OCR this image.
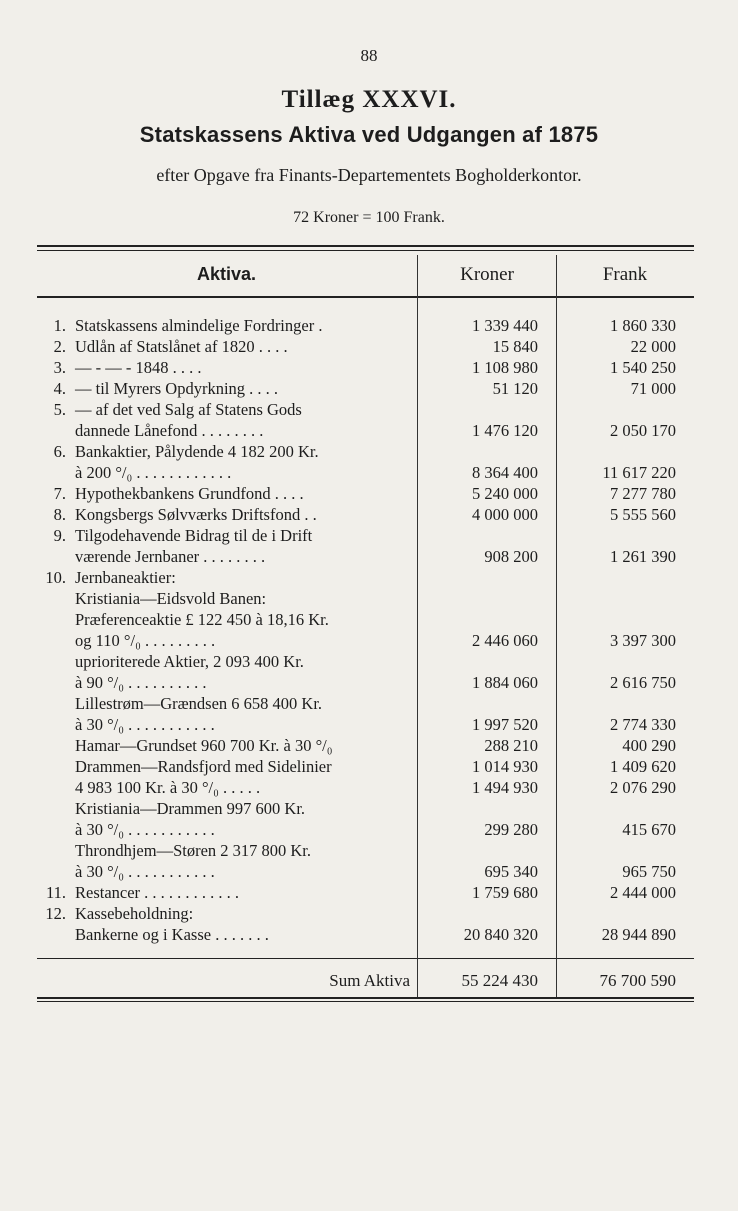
88
Tillæg XXXVI.
Statskassens Aktiva ved Udgangen af 1875
efter Opgave fra Finants-Departementets Bogholderkontor.
72 Kroner = 100 Frank.
Aktiva.	Kroner	Frank
1. Statskassens almindelige Fordringer .	1 339 440	1 860 330
2. Udlån af Statslånet af 1820 . . . .	15 840	22 000
3. — - — - 1848 . . . .	1 108 980	1 540 250
4. — til Myrers Opdyrkning . . . .	51 120	71 000
5. — af det ved Salg af Statens Gods
dannede Lånefond . . . . . . . .	1 476 120	2 050 170
6. Bankaktier, Pålydende 4 182 200 Kr.
à 200 °/₀ . . . . . . . . . . . .	8 364 400	11 617 220
7. Hypothekbankens Grundfond . . . .	5 240 000	7 277 780
8. Kongsbergs Sølvværks Driftsfond . .	4 000 000	5 555 560
9. Tilgodehavende Bidrag til de i Drift
værende Jernbaner . . . . . . . .	908 200	1 261 390
10. Jernbaneaktier:
Kristiania—Eidsvold Banen:
Præferenceaktie £ 122 450 à 18,16 Kr.
og 110 °/₀ . . . . . . . . .	2 446 060	3 397 300
uprioriterede Aktier, 2 093 400 Kr.
à 90 °/₀ . . . . . . . . . .	1 884 060	2 616 750
Lillestrøm—Grændsen 6 658 400 Kr.
à 30 °/₀ . . . . . . . . . . .	1 997 520	2 774 330
Hamar—Grundset 960 700 Kr. à 30 °/₀	288 210	400 290
Drammen—Randsfjord med Sidelinier	1 014 930	1 409 620
4 983 100 Kr. à 30 °/₀ . . . . .	1 494 930	2 076 290
Kristiania—Drammen 997 600 Kr.
à 30 °/₀ . . . . . . . . . . .	299 280	415 670
Throndhjem—Støren 2 317 800 Kr.
à 30 °/₀ . . . . . . . . . . .	695 340	965 750
11. Restancer . . . . . . . . . . . .	1 759 680	2 444 000
12. Kassebeholdning:
Bankerne og i Kasse . . . . . . .	20 840 320	28 944 890
Sum Aktiva	55 224 430	76 700 590
